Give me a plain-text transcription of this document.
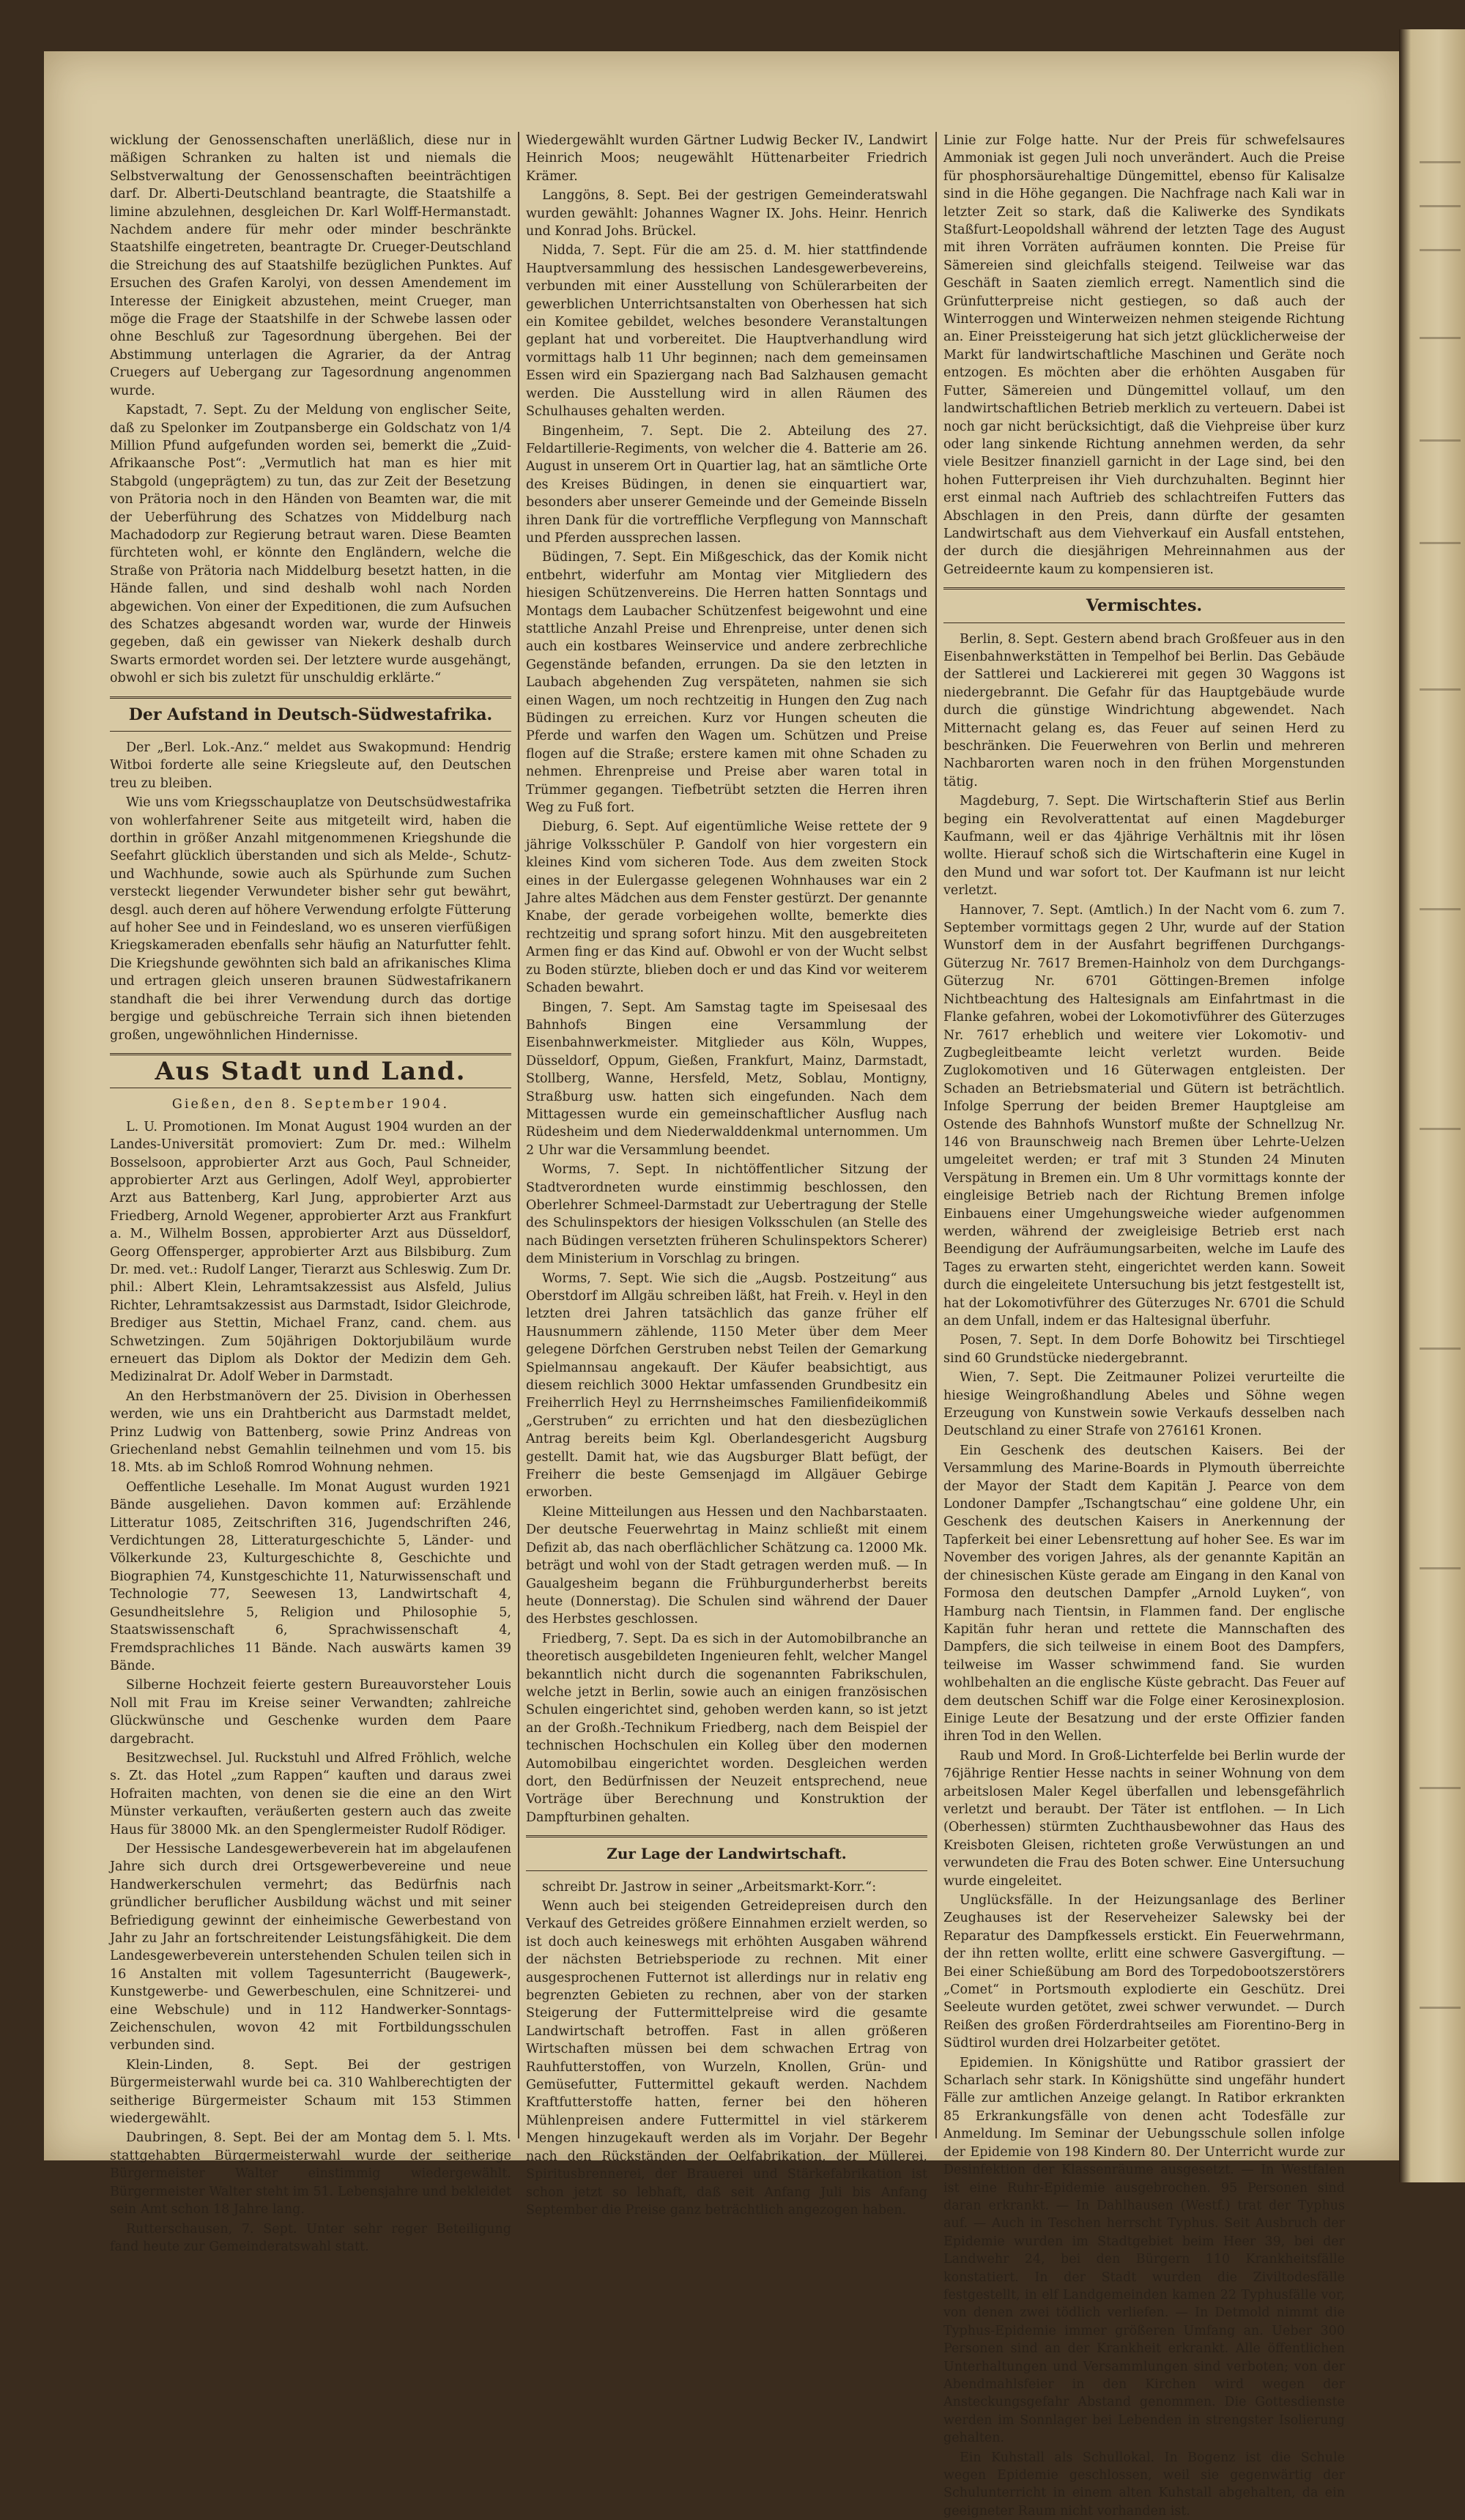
wicklung der Genossenschaften unerläßlich, diese nur in mäßigen Schranken zu halten ist und niemals die Selbstverwaltung der Genossenschaften beeinträchtigen darf. Dr. Alberti-Deutschland beantragte, die Staatshilfe a limine abzulehnen, desgleichen Dr. Karl Wolff-Hermanstadt. Nachdem andere für mehr oder minder beschränkte Staatshilfe eingetreten, beantragte Dr. Crueger-Deutschland die Streichung des auf Staatshilfe bezüglichen Punktes. Auf Ersuchen des Grafen Karolyi, von dessen Amendement im Interesse der Einigkeit abzustehen, meint Crueger, man möge die Frage der Staatshilfe in der Schwebe lassen oder ohne Beschluß zur Tagesordnung übergehen. Bei der Abstimmung unterlagen die Agrarier, da der Antrag Cruegers auf Uebergang zur Tagesordnung angenommen wurde.

Kapstadt, 7. Sept. Zu der Meldung von englischer Seite, daß zu Spelonker im Zoutpansberge ein Goldschatz von 1/4 Million Pfund aufgefunden worden sei, bemerkt die „Zuid-Afrikaansche Post“: „Vermutlich hat man es hier mit Stabgold (ungeprägtem) zu tun, das zur Zeit der Besetzung von Prätoria noch in den Händen von Beamten war, die mit der Ueberführung des Schatzes von Middelburg nach Machadodorp zur Regierung betraut waren. Diese Beamten fürchteten wohl, er könnte den Engländern, welche die Straße von Prätoria nach Middelburg besetzt hatten, in die Hände fallen, und sind deshalb wohl nach Norden abgewichen. Von einer der Expeditionen, die zum Aufsuchen des Schatzes abgesandt worden war, wurde der Hinweis gegeben, daß ein gewisser van Niekerk deshalb durch Swarts ermordet worden sei. Der letztere wurde ausgehängt, obwohl er sich bis zuletzt für unschuldig erklärte.“

Der Aufstand in Deutsch-Südwestafrika.

Der „Berl. Lok.-Anz.“ meldet aus Swakopmund: Hendrig Witboi forderte alle seine Kriegsleute auf, den Deutschen treu zu bleiben.

Wie uns vom Kriegsschauplatze von Deutschsüdwestafrika von wohlerfahrener Seite aus mitgeteilt wird, haben die dorthin in größer Anzahl mitgenommenen Kriegshunde die Seefahrt glücklich überstanden und sich als Melde-, Schutz- und Wachhunde, sowie auch als Spürhunde zum Suchen versteckt liegender Verwundeter bisher sehr gut bewährt, desgl. auch deren auf höhere Verwendung erfolgte Fütterung auf hoher See und in Feindesland, wo es unseren vierfüßigen Kriegskameraden ebenfalls sehr häufig an Naturfutter fehlt. Die Kriegshunde gewöhnten sich bald an afrikanisches Klima und ertragen gleich unseren braunen Südwestafrikanern standhaft die bei ihrer Verwendung durch das dortige bergige und gebüschreiche Terrain sich ihnen bietenden großen, ungewöhnlichen Hindernisse.

Aus Stadt und Land.
Gießen, den 8. September 1904.

L. U. Promotionen. Im Monat August 1904 wurden an der Landes-Universität promoviert: Zum Dr. med.: Wilhelm Bosselsoon, approbierter Arzt aus Goch, Paul Schneider, approbierter Arzt aus Gerlingen, Adolf Weyl, approbierter Arzt aus Battenberg, Karl Jung, approbierter Arzt aus Friedberg, Arnold Wegener, approbierter Arzt aus Frankfurt a. M., Wilhelm Bossen, approbierter Arzt aus Düsseldorf, Georg Offensperger, approbierter Arzt aus Bilsbiburg. Zum Dr. med. vet.: Rudolf Langer, Tierarzt aus Schleswig. Zum Dr. phil.: Albert Klein, Lehramtsakzessist aus Alsfeld, Julius Richter, Lehramtsakzessist aus Darmstadt, Isidor Gleichrode, Brediger aus Stettin, Michael Franz, cand. chem. aus Schwetzingen. Zum 50jährigen Doktorjubiläum wurde erneuert das Diplom als Doktor der Medizin dem Geh. Medizinalrat Dr. Adolf Weber in Darmstadt.

An den Herbstmanövern der 25. Division in Oberhessen werden, wie uns ein Drahtbericht aus Darmstadt meldet, Prinz Ludwig von Battenberg, sowie Prinz Andreas von Griechenland nebst Gemahlin teilnehmen und vom 15. bis 18. Mts. ab im Schloß Romrod Wohnung nehmen.

Oeffentliche Lesehalle. Im Monat August wurden 1921 Bände ausgeliehen. Davon kommen auf: Erzählende Litteratur 1085, Zeitschriften 316, Jugendschriften 246, Verdichtungen 28, Litteraturgeschichte 5, Länder- und Völkerkunde 23, Kulturgeschichte 8, Geschichte und Biographien 74, Kunstgeschichte 11, Naturwissenschaft und Technologie 77, Seewesen 13, Landwirtschaft 4, Gesundheitslehre 5, Religion und Philosophie 5, Staatswissenschaft 6, Sprachwissenschaft 4, Fremdsprachliches 11 Bände. Nach auswärts kamen 39 Bände.

Silberne Hochzeit feierte gestern Bureauvorsteher Louis Noll mit Frau im Kreise seiner Verwandten; zahlreiche Glückwünsche und Geschenke wurden dem Paare dargebracht.

Besitzwechsel. Jul. Ruckstuhl und Alfred Fröhlich, welche s. Zt. das Hotel „zum Rappen“ kauften und daraus zwei Hofraiten machten, von denen sie die eine an den Wirt Münster verkauften, veräußerten gestern auch das zweite Haus für 38000 Mk. an den Spenglermeister Rudolf Rödiger.

Der Hessische Landesgewerbeverein hat im abgelaufenen Jahre sich durch drei Ortsgewerbevereine und neue Handwerkerschulen vermehrt; das Bedürfnis nach gründlicher beruflicher Ausbildung wächst und mit seiner Befriedigung gewinnt der einheimische Gewerbestand von Jahr zu Jahr an fortschreitender Leistungsfähigkeit. Die dem Landesgewerbeverein unterstehenden Schulen teilen sich in 16 Anstalten mit vollem Tagesunterricht (Baugewerk-, Kunstgewerbe- und Gewerbeschulen, eine Schnitzerei- und eine Webschule) und in 112 Handwerker-Sonntags-Zeichenschulen, wovon 42 mit Fortbildungsschulen verbunden sind.

Klein-Linden, 8. Sept. Bei der gestrigen Bürgermeisterwahl wurde bei ca. 310 Wahlberechtigten der seitherige Bürgermeister Schaum mit 153 Stimmen wiedergewählt.

Daubringen, 8. Sept. Bei der am Montag dem 5. l. Mts. stattgehabten Bürgermeisterwahl wurde der seitherige Bürgermeister Walter einstimmig wiedergewählt. Bürgermeister Walter steht im 51. Lebensjahre und bekleidet sein Amt schon 18 Jahre lang.

Rutterschausen, 7. Sept. Unter sehr reger Beteiligung fand heute zur Gemeinderatswahl statt.

Wiedergewählt wurden Gärtner Ludwig Becker IV., Landwirt Heinrich Moos; neugewählt Hüttenarbeiter Friedrich Krämer.

Langgöns, 8. Sept. Bei der gestrigen Gemeinderatswahl wurden gewählt: Johannes Wagner IX. Johs. Heinr. Henrich und Konrad Johs. Brückel.

Nidda, 7. Sept. Für die am 25. d. M. hier stattfindende Hauptversammlung des hessischen Landesgewerbevereins, verbunden mit einer Ausstellung von Schülerarbeiten der gewerblichen Unterrichtsanstalten von Oberhessen hat sich ein Komitee gebildet, welches besondere Veranstaltungen geplant hat und vorbereitet. Die Hauptverhandlung wird vormittags halb 11 Uhr beginnen; nach dem gemeinsamen Essen wird ein Spaziergang nach Bad Salzhausen gemacht werden. Die Ausstellung wird in allen Räumen des Schulhauses gehalten werden.

Bingenheim, 7. Sept. Die 2. Abteilung des 27. Feldartillerie-Regiments, von welcher die 4. Batterie am 26. August in unserem Ort in Quartier lag, hat an sämtliche Orte des Kreises Büdingen, in denen sie einquartiert war, besonders aber unserer Gemeinde und der Gemeinde Bisseln ihren Dank für die vortreffliche Verpflegung von Mannschaft und Pferden aussprechen lassen.

Büdingen, 7. Sept. Ein Mißgeschick, das der Komik nicht entbehrt, widerfuhr am Montag vier Mitgliedern des hiesigen Schützenvereins. Die Herren hatten Sonntags und Montags dem Laubacher Schützenfest beigewohnt und eine stattliche Anzahl Preise und Ehrenpreise, unter denen sich auch ein kostbares Weinservice und andere zerbrechliche Gegenstände befanden, errungen. Da sie den letzten in Laubach abgehenden Zug verspäteten, nahmen sie sich einen Wagen, um noch rechtzeitig in Hungen den Zug nach Büdingen zu erreichen. Kurz vor Hungen scheuten die Pferde und warfen den Wagen um. Schützen und Preise flogen auf die Straße; erstere kamen mit ohne Schaden zu nehmen. Ehrenpreise und Preise aber waren total in Trümmer gegangen. Tiefbetrübt setzten die Herren ihren Weg zu Fuß fort.

Dieburg, 6. Sept. Auf eigentümliche Weise rettete der 9 jährige Volksschüler P. Gandolf von hier vorgestern ein kleines Kind vom sicheren Tode. Aus dem zweiten Stock eines in der Eulergasse gelegenen Wohnhauses war ein 2 Jahre altes Mädchen aus dem Fenster gestürzt. Der genannte Knabe, der gerade vorbeigehen wollte, bemerkte dies rechtzeitig und sprang sofort hinzu. Mit den ausgebreiteten Armen fing er das Kind auf. Obwohl er von der Wucht selbst zu Boden stürzte, blieben doch er und das Kind vor weiterem Schaden bewahrt.

Bingen, 7. Sept. Am Samstag tagte im Speisesaal des Bahnhofs Bingen eine Versammlung der Eisenbahnwerkmeister. Mitglieder aus Köln, Wuppes, Düsseldorf, Oppum, Gießen, Frankfurt, Mainz, Darmstadt, Stollberg, Wanne, Hersfeld, Metz, Soblau, Montigny, Straßburg usw. hatten sich eingefunden. Nach dem Mittagessen wurde ein gemeinschaftlicher Ausflug nach Rüdesheim und dem Niederwalddenkmal unternommen. Um 2 Uhr war die Versammlung beendet.

Worms, 7. Sept. In nichtöffentlicher Sitzung der Stadtverordneten wurde einstimmig beschlossen, den Oberlehrer Schmeel-Darmstadt zur Uebertragung der Stelle des Schulinspektors der hiesigen Volksschulen (an Stelle des nach Büdingen versetzten früheren Schulinspektors Scherer) dem Ministerium in Vorschlag zu bringen.

Worms, 7. Sept. Wie sich die „Augsb. Postzeitung“ aus Oberstdorf im Allgäu schreiben läßt, hat Freih. v. Heyl in den letzten drei Jahren tatsächlich das ganze früher elf Hausnummern zählende, 1150 Meter über dem Meer gelegene Dörfchen Gerstruben nebst Teilen der Gemarkung Spielmannsau angekauft. Der Käufer beabsichtigt, aus diesem reichlich 3000 Hektar umfassenden Grundbesitz ein Freiherrlich Heyl zu Herrnsheimsches Familienfideikommiß „Gerstruben“ zu errichten und hat den diesbezüglichen Antrag bereits beim Kgl. Oberlandesgericht Augsburg gestellt. Damit hat, wie das Augsburger Blatt befügt, der Freiherr die beste Gemsenjagd im Allgäuer Gebirge erworben.

Kleine Mitteilungen aus Hessen und den Nachbarstaaten. Der deutsche Feuerwehrtag in Mainz schließt mit einem Defizit ab, das nach oberflächlicher Schätzung ca. 12000 Mk. beträgt und wohl von der Stadt getragen werden muß. — In Gaualgesheim begann die Frühburgunderherbst bereits heute (Donnerstag). Die Schulen sind während der Dauer des Herbstes geschlossen.

Friedberg, 7. Sept. Da es sich in der Automobilbranche an theoretisch ausgebildeten Ingenieuren fehlt, welcher Mangel bekanntlich nicht durch die sogenannten Fabrikschulen, welche jetzt in Berlin, sowie auch an einigen französischen Schulen eingerichtet sind, gehoben werden kann, so ist jetzt an der Großh.-Technikum Friedberg, nach dem Beispiel der technischen Hochschulen ein Kolleg über den modernen Automobilbau eingerichtet worden. Desgleichen werden dort, den Bedürfnissen der Neuzeit entsprechend, neue Vorträge über Berechnung und Konstruktion der Dampfturbinen gehalten.

Zur Lage der Landwirtschaft.

schreibt Dr. Jastrow in seiner „Arbeitsmarkt-Korr.“:

Wenn auch bei steigenden Getreidepreisen durch den Verkauf des Getreides größere Einnahmen erzielt werden, so ist doch auch keineswegs mit erhöhten Ausgaben während der nächsten Betriebsperiode zu rechnen. Mit einer ausgesprochenen Futternot ist allerdings nur in relativ eng begrenzten Gebieten zu rechnen, aber von der starken Steigerung der Futtermittelpreise wird die gesamte Landwirtschaft betroffen. Fast in allen größeren Wirtschaften müssen bei dem schwachen Ertrag von Rauhfutterstoffen, von Wurzeln, Knollen, Grün- und Gemüsefutter, Futtermittel gekauft werden. Nachdem Kraftfutterstoffe hatten, ferner bei den höheren Mühlenpreisen andere Futtermittel in viel stärkerem Mengen hinzugekauft werden als im Vorjahr. Der Begehr nach den Rückständen der Oelfabrikation, der Müllerei, Spiritusbrennerei, der Brauerei und Stärkefabrikation ist schon jetzt so lebhaft, daß seit Anfang Juli bis Anfang September die Preise ganz beträchtlich angezogen haben.

Linie zur Folge hatte. Nur der Preis für schwefelsaures Ammoniak ist gegen Juli noch unverändert. Auch die Preise für phosphorsäurehaltige Düngemittel, ebenso für Kalisalze sind in die Höhe gegangen. Die Nachfrage nach Kali war in letzter Zeit so stark, daß die Kaliwerke des Syndikats Staßfurt-Leopoldshall während der letzten Tage des August mit ihren Vorräten aufräumen konnten. Die Preise für Sämereien sind gleichfalls steigend. Teilweise war das Geschäft in Saaten ziemlich erregt. Namentlich sind die Grünfutterpreise nicht gestiegen, so daß auch der Winterroggen und Winterweizen nehmen steigende Richtung an. Einer Preissteigerung hat sich jetzt glücklicherweise der Markt für landwirtschaftliche Maschinen und Geräte noch entzogen. Es möchten aber die erhöhten Ausgaben für Futter, Sämereien und Düngemittel vollauf, um den landwirtschaftlichen Betrieb merklich zu verteuern. Dabei ist noch gar nicht berücksichtigt, daß die Viehpreise über kurz oder lang sinkende Richtung annehmen werden, da sehr viele Besitzer finanziell garnicht in der Lage sind, bei den hohen Futterpreisen ihr Vieh durchzuhalten. Beginnt hier erst einmal nach Auftrieb des schlachtreifen Futters das Abschlagen in den Preis, dann dürfte der gesamten Landwirtschaft aus dem Viehverkauf ein Ausfall entstehen, der durch die diesjährigen Mehreinnahmen aus der Getreideernte kaum zu kompensieren ist.

Vermischtes.

Berlin, 8. Sept. Gestern abend brach Großfeuer aus in den Eisenbahnwerkstätten in Tempelhof bei Berlin. Das Gebäude der Sattlerei und Lackiererei mit gegen 30 Waggons ist niedergebrannt. Die Gefahr für das Hauptgebäude wurde durch die günstige Windrichtung abgewendet. Nach Mitternacht gelang es, das Feuer auf seinen Herd zu beschränken. Die Feuerwehren von Berlin und mehreren Nachbarorten waren noch in den frühen Morgenstunden tätig.

Magdeburg, 7. Sept. Die Wirtschafterin Stief aus Berlin beging ein Revolverattentat auf einen Magdeburger Kaufmann, weil er das 4jährige Verhältnis mit ihr lösen wollte. Hierauf schoß sich die Wirtschafterin eine Kugel in den Mund und war sofort tot. Der Kaufmann ist nur leicht verletzt.

Hannover, 7. Sept. (Amtlich.) In der Nacht vom 6. zum 7. September vormittags gegen 2 Uhr, wurde auf der Station Wunstorf dem in der Ausfahrt begriffenen Durchgangs-Güterzug Nr. 7617 Bremen-Hainholz von dem Durchgangs-Güterzug Nr. 6701 Göttingen-Bremen infolge Nichtbeachtung des Haltesignals am Einfahrtmast in die Flanke gefahren, wobei der Lokomotivführer des Güterzuges Nr. 7617 erheblich und weitere vier Lokomotiv- und Zugbegleitbeamte leicht verletzt wurden. Beide Zuglokomotiven und 16 Güterwagen entgleisten. Der Schaden an Betriebsmaterial und Gütern ist beträchtlich. Infolge Sperrung der beiden Bremer Hauptgleise am Ostende des Bahnhofs Wunstorf mußte der Schnellzug Nr. 146 von Braunschweig nach Bremen über Lehrte-Uelzen umgeleitet werden; er traf mit 3 Stunden 24 Minuten Verspätung in Bremen ein. Um 8 Uhr vormittags konnte der eingleisige Betrieb nach der Richtung Bremen infolge Einbauens einer Umgehungsweiche wieder aufgenommen werden, während der zweigleisige Betrieb erst nach Beendigung der Aufräumungsarbeiten, welche im Laufe des Tages zu erwarten steht, eingerichtet werden kann. Soweit durch die eingeleitete Untersuchung bis jetzt festgestellt ist, hat der Lokomotivführer des Güterzuges Nr. 6701 die Schuld an dem Unfall, indem er das Haltesignal überfuhr.

Posen, 7. Sept. In dem Dorfe Bohowitz bei Tirschtiegel sind 60 Grundstücke niedergebrannt.

Wien, 7. Sept. Die Zeitmauner Polizei verurteilte die hiesige Weingroßhandlung Abeles und Söhne wegen Erzeugung von Kunstwein sowie Verkaufs desselben nach Deutschland zu einer Strafe von 276161 Kronen.

Ein Geschenk des deutschen Kaisers. Bei der Versammlung des Marine-Boards in Plymouth überreichte der Mayor der Stadt dem Kapitän J. Pearce von dem Londoner Dampfer „Tschangtschau“ eine goldene Uhr, ein Geschenk des deutschen Kaisers in Anerkennung der Tapferkeit bei einer Lebensrettung auf hoher See. Es war im November des vorigen Jahres, als der genannte Kapitän an der chinesischen Küste gerade am Eingang in den Kanal von Formosa den deutschen Dampfer „Arnold Luyken“, von Hamburg nach Tientsin, in Flammen fand. Der englische Kapitän fuhr heran und rettete die Mannschaften des Dampfers, die sich teilweise in einem Boot des Dampfers, teilweise im Wasser schwimmend fand. Sie wurden wohlbehalten an die englische Küste gebracht. Das Feuer auf dem deutschen Schiff war die Folge einer Kerosinexplosion. Einige Leute der Besatzung und der erste Offizier fanden ihren Tod in den Wellen.

Raub und Mord. In Groß-Lichterfelde bei Berlin wurde der 76jährige Rentier Hesse nachts in seiner Wohnung von dem arbeitslosen Maler Kegel überfallen und lebensgefährlich verletzt und beraubt. Der Täter ist entflohen. — In Lich (Oberhessen) stürmten Zuchthausbewohner das Haus des Kreisboten Gleisen, richteten große Verwüstungen an und verwundeten die Frau des Boten schwer. Eine Untersuchung wurde eingeleitet.

Unglücksfälle. In der Heizungsanlage des Berliner Zeughauses ist der Reserveheizer Salewsky bei der Reparatur des Dampfkessels erstickt. Ein Feuerwehrmann, der ihn retten wollte, erlitt eine schwere Gasvergiftung. — Bei einer Schießübung am Bord des Torpedobootszerstörers „Comet“ in Portsmouth explodierte ein Geschütz. Drei Seeleute wurden getötet, zwei schwer verwundet. — Durch Reißen des großen Förderdrahtseiles am Fiorentino-Berg in Südtirol wurden drei Holzarbeiter getötet.

Epidemien. In Königshütte und Ratibor grassiert der Scharlach sehr stark. In Königshütte sind ungefähr hundert Fälle zur amtlichen Anzeige gelangt. In Ratibor erkrankten 85 Erkrankungsfälle von denen acht Todesfälle zur Anmeldung. Im Seminar der Uebungsschule sollen infolge der Epidemie von 198 Kindern 80. Der Unterricht wurde zur Desinfektion der Klassenräume ausgesetzt. — In Westfalen ist eine Ruhr-Epidemie ausgebrochen. 95 Personen sind daran erkrankt. — In Dahlhausen (Westf.) trat der Typhus auf. — Auch in Teschen herrscht Typhus. Seit Ausbruch der Epidemie wurden im Stadtgebiet beim Heer 39, bei der Landwehr 24, bei den Bürgern 110 Krankheitsfälle konstatiert. In der Stadt wurden die Ziviltodesfälle festgestellt, in elf Landgemeinden kamen 22 Typhusfälle vor, von denen zwei tödlich verliefen. — In Detmold nimmt die Typhus-Epidemie immer größeren Umfang an. Ueber 300 Personen sind an der Krankheit erkrankt. Alle öffentlichen Unterhaltungen und Versammlungen sind verboten; von der Abendmahlsfeier in den Kirchen wird wegen der Ansteckungsgefahr Abstand genommen. Die Gottesdienste werden im Sonnlager bei Lebenden in strengster Isolierung gehalten.

Ein Kuhstall als Schullokal. In Bogenz ist die Schule wegen Epidemie geschlossen, weil sie gegenwärtig der Schulunterricht in einem alten Kuhstall abgehalten, da ein geeigneter Raum nicht vorhanden ist.
